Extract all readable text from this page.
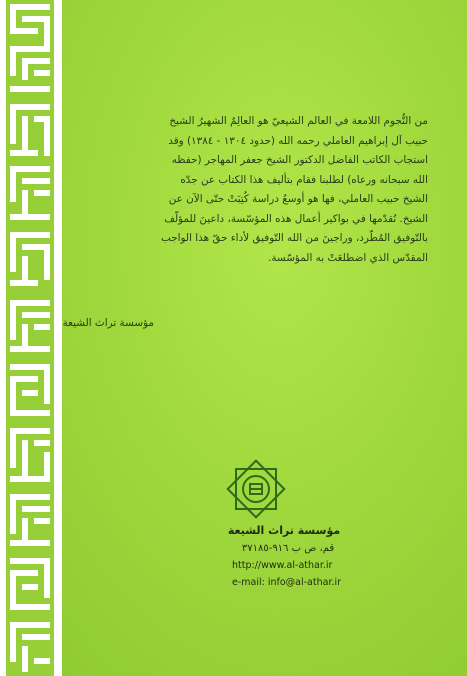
من النُّجوم اللامعة في العالم الشيعيّ هو العالِمُ الشهيرُ الشيخ

حبيب آل إبراهيم العاملي رحمه الله (حدود ١٣٠٤ - ١٣٨٤) وقد

استجاب الكاتب الفاضل الدكتور الشيخ جعفر المهاجر (حفظه

الله سبحانه ورعاه) لطلبنا فقام بتأليف هذا الكتاب عن جدّه

الشيخ حبيب العاملي، فها هو أوسعُ دراسة كُتِبَتْ حتّى الآن عن

الشيخ. نُقدّمها في بواكير أعمال هذه المؤسّسة، داعينَ للمؤلّف

بالتّوفيق المُطّرد، وراجينَ من الله التّوفيق لأداء حقّ هذا الواجب

المقدّس الذي اضطلعَتْ به المؤسّسة.

مؤسسة تراث الشيعة
مؤسسة تراث الشيعة
قم، ص ب ٩١٦-٣٧١٨٥
http://www.al-athar.ir
e-mail: info@al-athar.ir
